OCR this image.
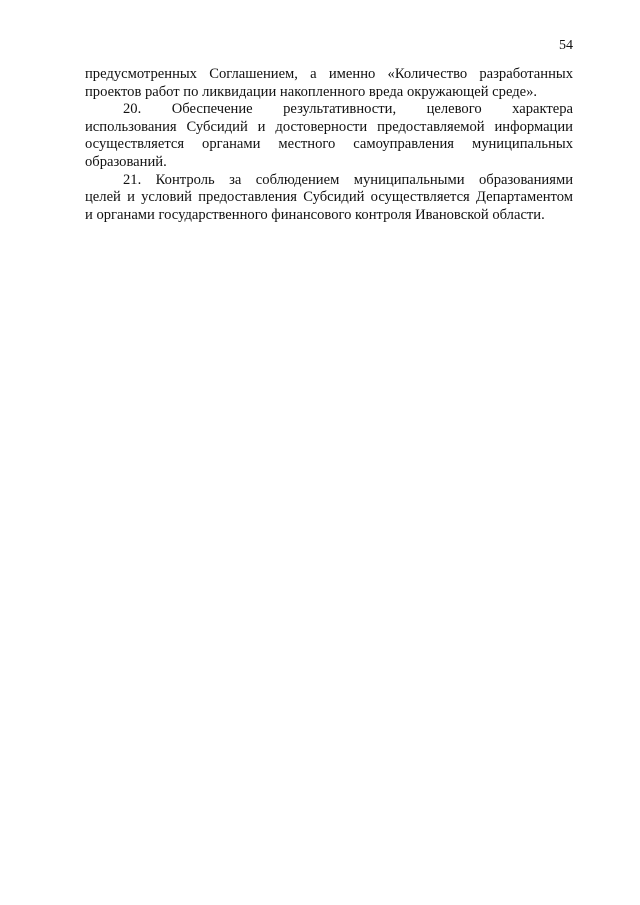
54
предусмотренных Соглашением, а именно «Количество разработанных
проектов работ по ликвидации накопленного вреда окружающей среде».
20. Обеспечение результативности, целевого характера
использования Субсидий и достоверности предоставляемой информации
осуществляется органами местного самоуправления муниципальных
образований.
21. Контроль за соблюдением муниципальными образованиями
целей и условий предоставления Субсидий осуществляется Департаментом
и органами государственного финансового контроля Ивановской области.
